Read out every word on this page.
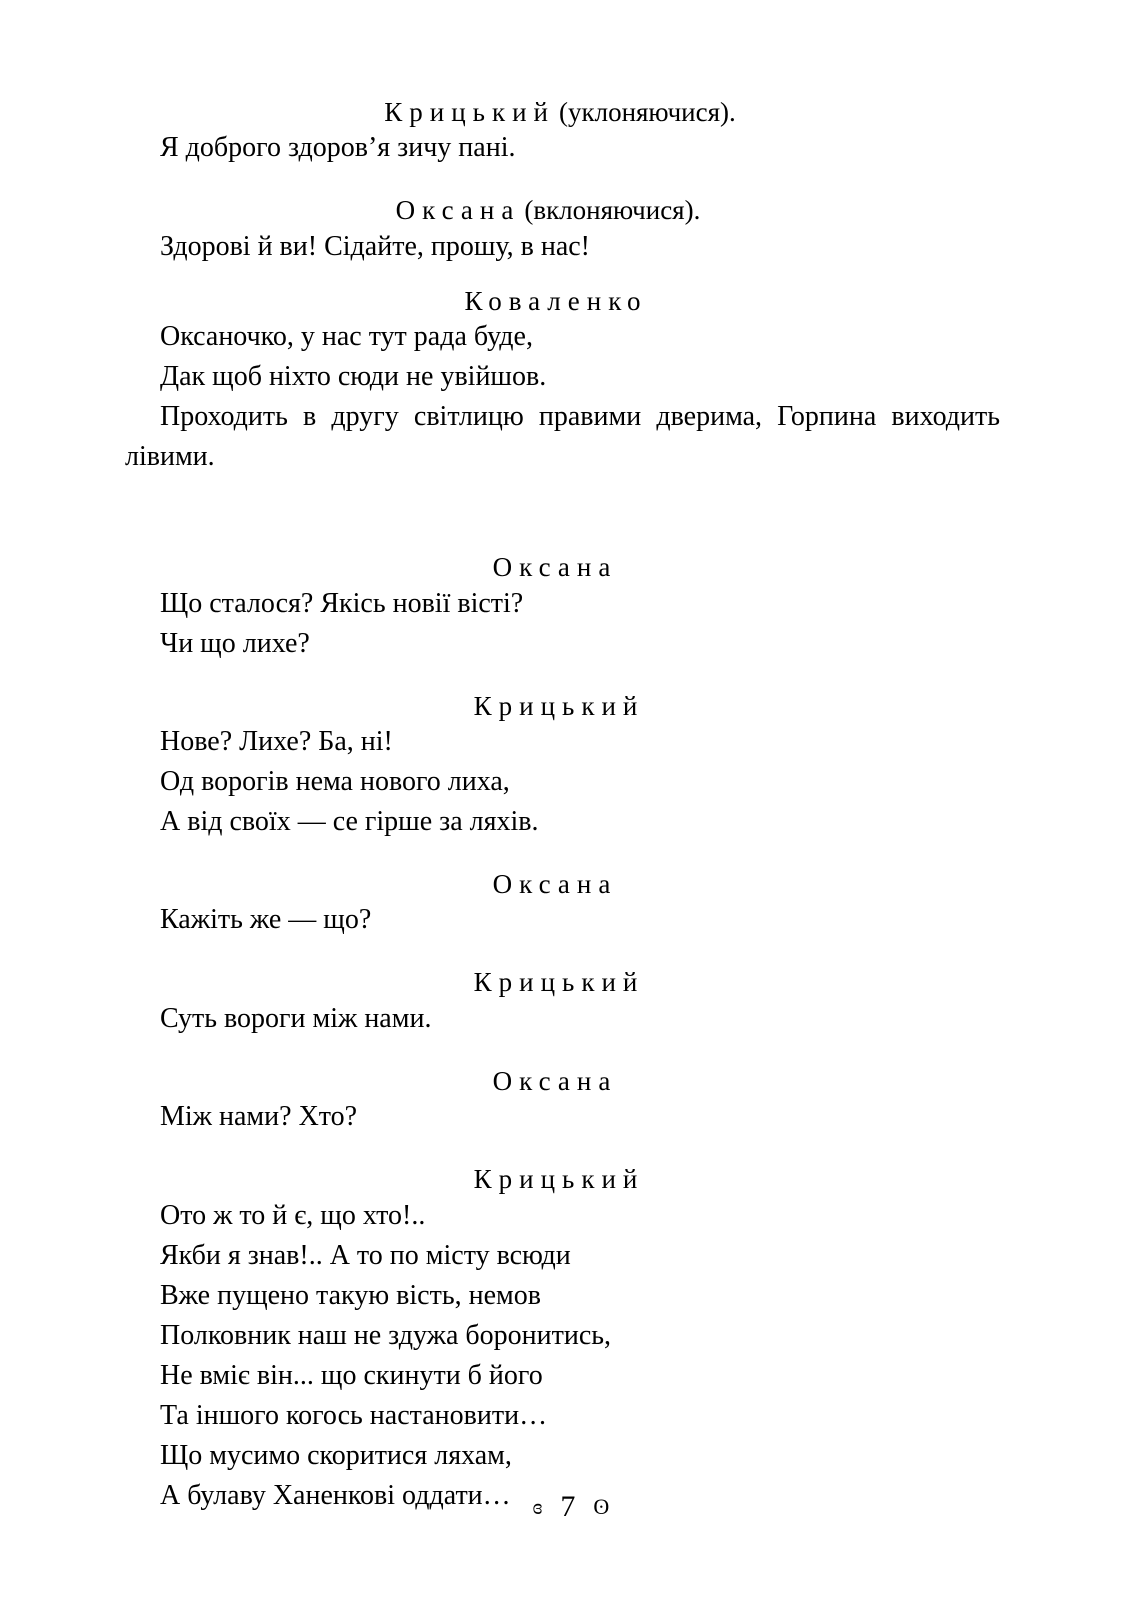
Крицький (уклоняючися).
Я доброго здоров’я зичу пані.
Оксана (вклоняючися).
Здорові й ви! Сідайте, прошу, в нас!
Коваленко
Оксаночко, у нас тут рада буде,
Дак щоб ніхто сюди не увійшов.
Проходить в другу світлицю правими дверима, Горпина виходить лівими.
Оксана
Що сталося? Якісь новії вісті?
Чи що лихе?
Крицький
Нове? Лихе? Ба, ні!
Од ворогів нема нового лиха,
А від своїх — се гірше за ляхів.
Оксана
Кажіть же — що?
Крицький
Суть вороги між нами.
Оксана
Між нами? Хто?
Крицький
Ото ж то й є, що хто!..
Якби я знав!.. А то по місту всюди
Вже пущено такую вість, немов
Полковник наш не здужа боронитись,
Не вміє він... що скинути б його
Та іншого когось настановити…
Що мусимо скоритися ляхам,
А булаву Ханенкові оддати…	ɞ 7 ʘ
